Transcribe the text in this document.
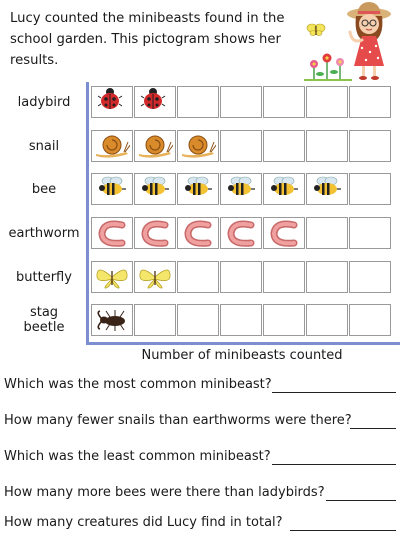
Lucy counted the minibeasts found in the school garden. This pictogram shows her results.
ladybird
snail
bee
earthworm
butterfly
stag
beetle
Number of minibeasts counted
Which was the most common minibeast?
How many fewer snails than earthworms were there?
Which was the least common minibeast?
How many more bees were there than ladybirds?
How many creatures did Lucy find in total?
